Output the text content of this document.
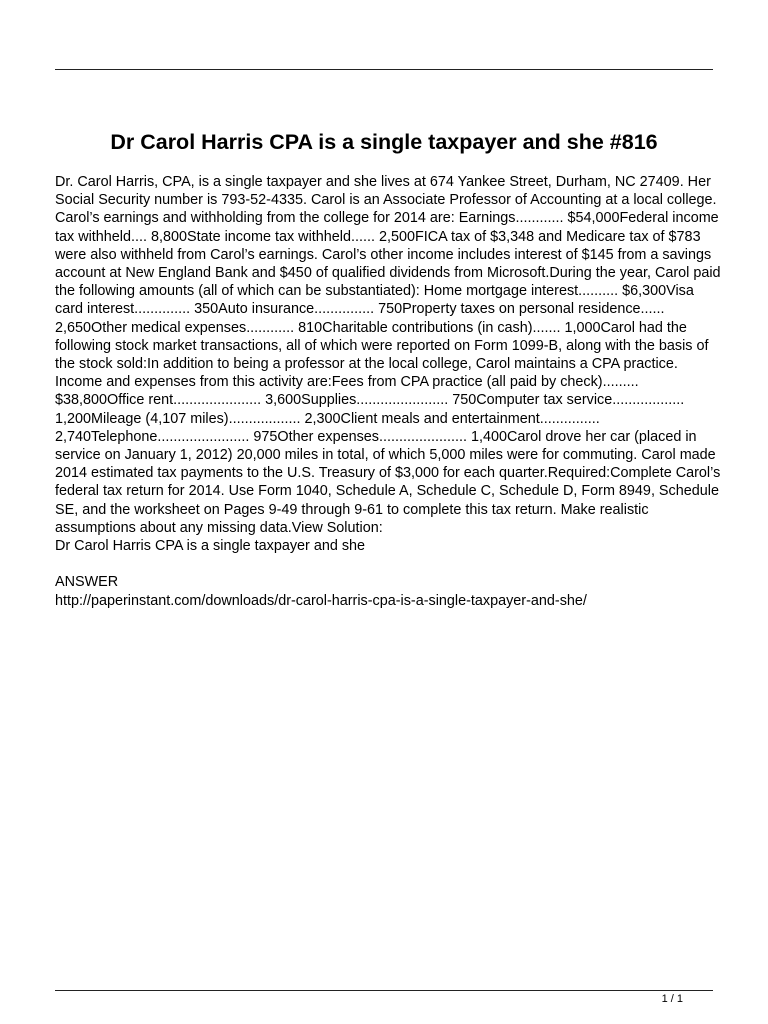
Dr Carol Harris CPA is a single taxpayer and she #816

Dr. Carol Harris, CPA, is a single taxpayer and she lives at 674 Yankee Street, Durham, NC 27409. Her Social Security number is 793-52-4335. Carol is an Associate Professor of Accounting at a local college. Carol’s earnings and withholding from the college for 2014 are: Earnings............ $54,000Federal income tax withheld.... 8,800State income tax withheld...... 2,500FICA tax of $3,348 and Medicare tax of $783 were also withheld from Carol’s earnings. Carol’s other income includes interest of $145 from a savings account at New England Bank and $450 of qualified dividends from Microsoft.During the year, Carol paid the following amounts (all of which can be substantiated): Home mortgage interest.......... $6,300Visa card interest.............. 350Auto insurance............... 750Property taxes on personal residence...... 2,650Other medical expenses............ 810Charitable contributions (in cash)....... 1,000Carol had the following stock market transactions, all of which were reported on Form 1099-B, along with the basis of the stock sold:In addition to being a professor at the local college, Carol maintains a CPA practice. Income and expenses from this activity are:Fees from CPA practice (all paid by check)......... $38,800Office rent...................... 3,600Supplies....................... 750Computer tax service.................. 1,200Mileage (4,107 miles).................. 2,300Client meals and entertainment............... 2,740Telephone....................... 975Other expenses...................... 1,400Carol drove her car (placed in service on January 1, 2012) 20,000 miles in total, of which 5,000 miles were for commuting. Carol made 2014 estimated tax payments to the U.S. Treasury of $3,000 for each quarter.Required:Complete Carol’s federal tax return for 2014. Use Form 1040, Schedule A, Schedule C, Schedule D, Form 8949, Schedule SE, and the worksheet on Pages 9-49 through 9-61 to complete this tax return. Make realistic assumptions about any missing data.View Solution:

Dr Carol Harris CPA is a single taxpayer and she

ANSWER

http://paperinstant.com/downloads/dr-carol-harris-cpa-is-a-single-taxpayer-and-she/

1 / 1
